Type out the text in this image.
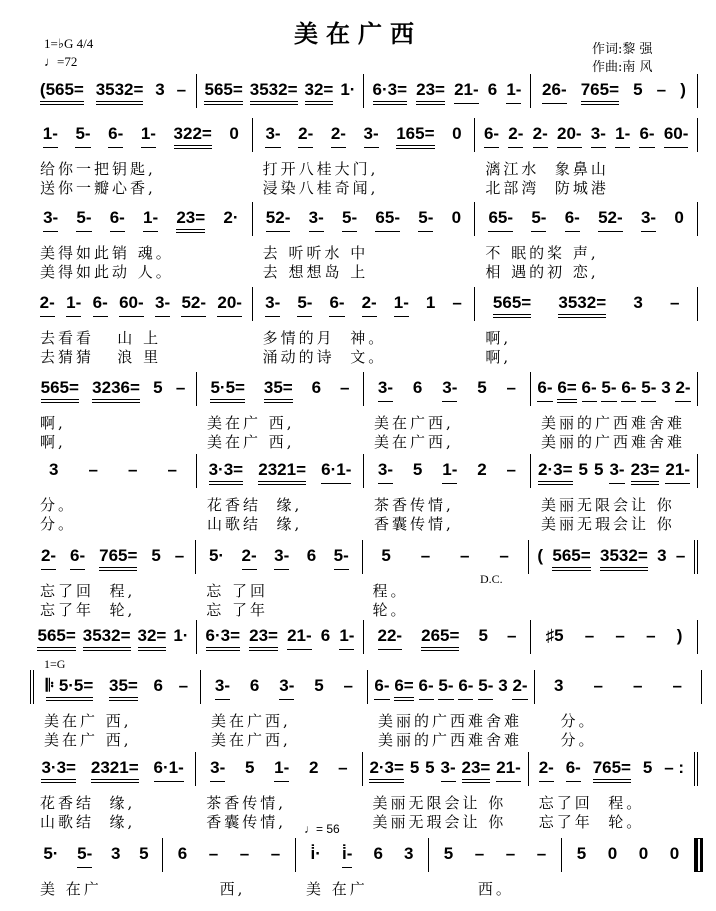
美在广西
1=♭G 4/4
♩=72
作词:黎 强
作曲:南 风
D.C.
1=G
♩= 56
(565= 3532= 3 – 565= 3532= 32= 1· 6·3= 23= 21- 6 1- 26- 765= 5 – )
1- 5- 6- 1- 322= 0
给你一把钥匙,
送你一瓣心香,
3- 2- 2- 3- 165= 0
打开八桂大门,
浸染八桂奇闻,
6- 2- 2- 20- 3- 1- 6- 60-
漓江水  象鼻山
北部湾  防城港
3- 5- 6- 1- 23= 2·
美得如此销 魂。
美得如此动 人。
52- 3- 5- 65- 5- 0
去 听听水 中
去 想想岛 上
65- 5- 6- 52- 3- 0
不 眠的桨 声,
相 遇的初 恋,
2- 1- 6- 60- 3- 52- 20-
去看看   山 上
去猜猜   浪 里
3- 5- 6- 2- 1- 1 –
多情的月  神。
涌动的诗  文。
565= 3532= 3 –
啊,
啊,
565= 3236= 5 –
啊,
啊,
5·5= 35= 6 –
美在广 西,
美在广 西,
3- 6 3- 5 –
美在广西,
美在广西,
6- 6= 6- 5- 6- 5- 3 2-
美丽的广西难舍难
美丽的广西难舍难
3 – – –
分。
分。
3·3= 2321= 6·1-
花香结  缘,
山歌结  缘,
3- 5 1- 2 –
茶香传情,
香囊传情,
2·3= 5 5 3- 23= 21-
美丽无限会让 你
美丽无瑕会让 你
2- 6- 765= 5 –
忘了回  程,
忘了年  轮,
5· 2- 3- 6 5-
忘 了回
忘 了年
5 – – –
程。
轮。
( 565= 3532= 3 –
565= 3532= 32= 1· 6·3= 23= 21- 6 1- 22- 265= 5 – ♯5 – – – )
𝄆 5·5= 35= 6 –
美在广 西,
美在广 西,
3- 6 3- 5 –
美在广西,
美在广西,
6- 6= 6- 5- 6- 5- 3 2-
美丽的广西难舍难
美丽的广西难舍难
3 – – –
分。
分。
3·3= 2321= 6·1-
花香结  缘,
山歌结  缘,
3- 5 1- 2 –
茶香传情,
香囊传情,
2·3= 5 5 3- 23= 21-
美丽无限会让 你
美丽无瑕会让 你
2- 6- 765= 5 – :
忘了回  程。
忘了年  轮。
5· 5- 3 5
美 在广
6 – – –
西,
i̇· i̇- 6 3
美 在广
5 – – –
西。
5 0 0 0
